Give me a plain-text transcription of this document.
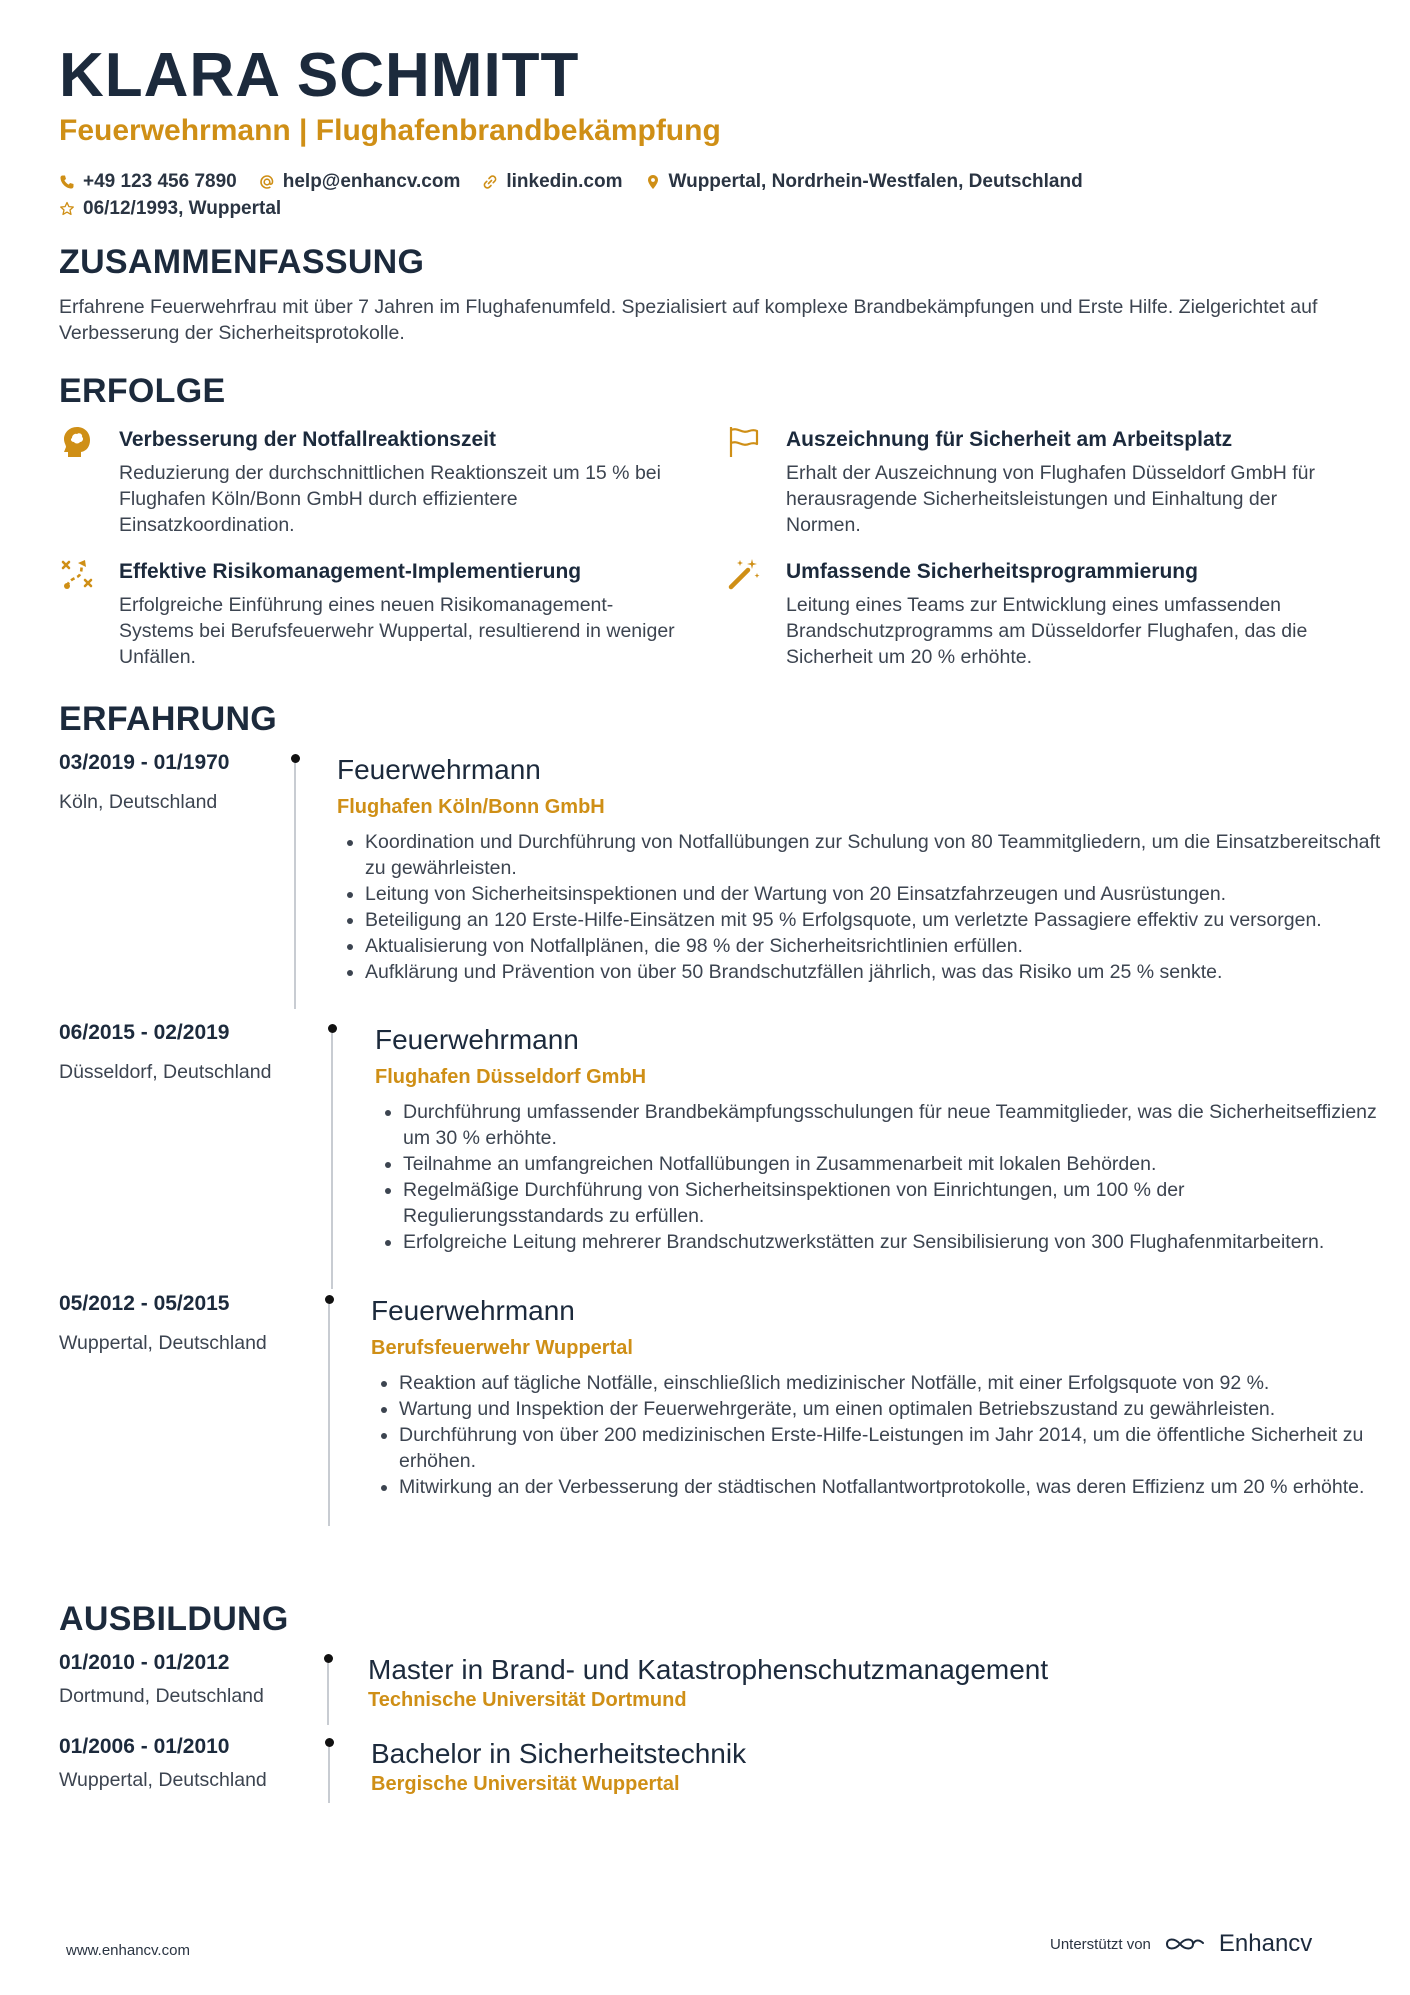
KLARA SCHMITT
Feuerwehrmann | Flughafenbrandbekämpfung
+49 123 456 7890 help@enhancv.com linkedin.com Wuppertal, Nordrhein-Westfalen, Deutschland
06/12/1993, Wuppertal
ZUSAMMENFASSUNG

Erfahrene Feuerwehrfrau mit über 7 Jahren im Flughafenumfeld. Spezialisiert auf komplexe Brandbekämpfungen und Erste Hilfe. Zielgerichtet auf Verbesserung der Sicherheitsprotokolle.

ERFOLGE

Verbesserung der Notfallreaktionszeit

Reduzierung der durchschnittlichen Reaktionszeit um 15 % bei Flughafen Köln/Bonn GmbH durch effizientere Einsatzkoordination.

Auszeichnung für Sicherheit am Arbeitsplatz

Erhalt der Auszeichnung von Flughafen Düsseldorf GmbH für herausragende Sicherheitsleistungen und Einhaltung der Normen.

Effektive Risikomanagement-Implementierung

Erfolgreiche Einführung eines neuen Risikomanagement-Systems bei Berufsfeuerwehr Wuppertal, resultierend in weniger Unfällen.

Umfassende Sicherheitsprogrammierung

Leitung eines Teams zur Entwicklung eines umfassenden Brandschutzprogramms am Düsseldorfer Flughafen, das die Sicherheit um 20 % erhöhte.

ERFAHRUNG

03/2019 - 01/1970

Köln, Deutschland

Feuerwehrmann

Flughafen Köln/Bonn GmbH

• Koordination und Durchführung von Notfallübungen zur Schulung von 80 Teammitgliedern, um die Einsatzbereitschaft zu gewährleisten.
• Leitung von Sicherheitsinspektionen und der Wartung von 20 Einsatzfahrzeugen und Ausrüstungen.
• Beteiligung an 120 Erste-Hilfe-Einsätzen mit 95 % Erfolgsquote, um verletzte Passagiere effektiv zu versorgen.
• Aktualisierung von Notfallplänen, die 98 % der Sicherheitsrichtlinien erfüllen.
• Aufklärung und Prävention von über 50 Brandschutzfällen jährlich, was das Risiko um 25 % senkte.

06/2015 - 02/2019

Düsseldorf, Deutschland

Feuerwehrmann

Flughafen Düsseldorf GmbH

• Durchführung umfassender Brandbekämpfungsschulungen für neue Teammitglieder, was die Sicherheitseffizienz um 30 % erhöhte.
• Teilnahme an umfangreichen Notfallübungen in Zusammenarbeit mit lokalen Behörden.
• Regelmäßige Durchführung von Sicherheitsinspektionen von Einrichtungen, um 100 % der Regulierungsstandards zu erfüllen.
• Erfolgreiche Leitung mehrerer Brandschutzwerkstätten zur Sensibilisierung von 300 Flughafenmitarbeitern.

05/2012 - 05/2015

Wuppertal, Deutschland

Feuerwehrmann

Berufsfeuerwehr Wuppertal

• Reaktion auf tägliche Notfälle, einschließlich medizinischer Notfälle, mit einer Erfolgsquote von 92 %.
• Wartung und Inspektion der Feuerwehrgeräte, um einen optimalen Betriebszustand zu gewährleisten.
• Durchführung von über 200 medizinischen Erste-Hilfe-Leistungen im Jahr 2014, um die öffentliche Sicherheit zu erhöhen.
• Mitwirkung an der Verbesserung der städtischen Notfallantwortprotokolle, was deren Effizienz um 20 % erhöhte.
AUSBILDUNG

01/2010 - 01/2012

Dortmund, Deutschland

Master in Brand- und Katastrophenschutzmanagement

Technische Universität Dortmund

01/2006 - 01/2010

Wuppertal, Deutschland

Bachelor in Sicherheitstechnik

Bergische Universität Wuppertal

www.enhancv.com	Unterstützt von	Enhancv
